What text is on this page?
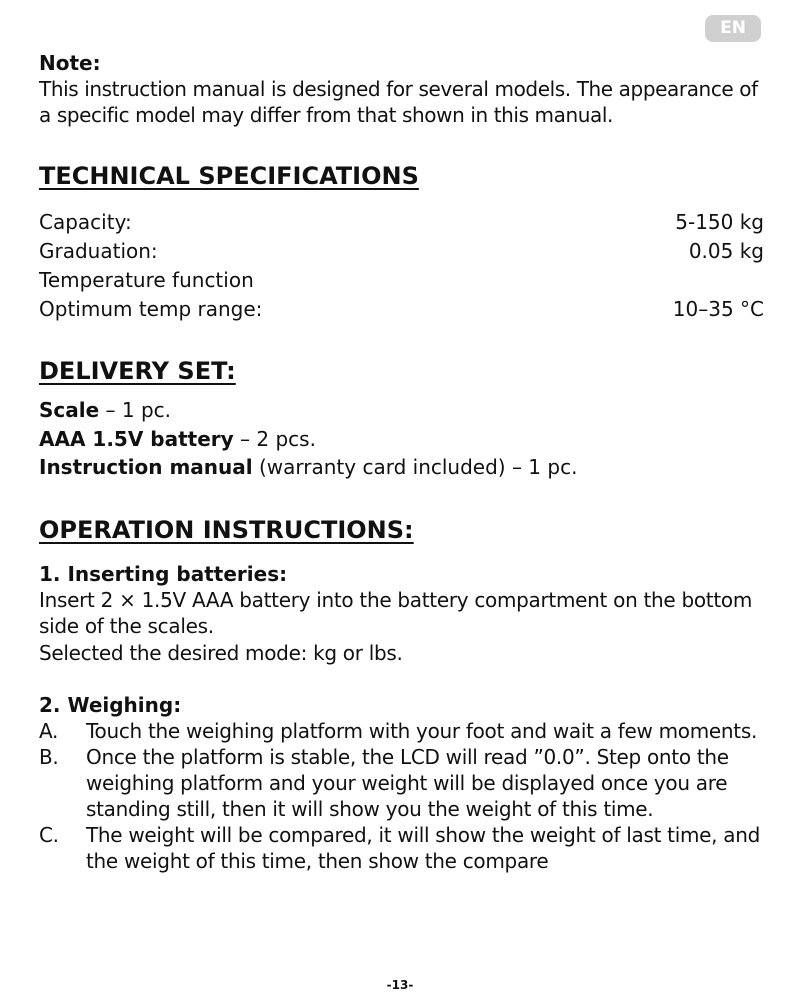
EN

Note:

This instruction manual is designed for several models. The appearance of a specific model may differ from that shown in this manual.

TECHNICAL SPECIFICATIONS
Capacity:	5-150 kg
Graduation:	0.05 kg
Temperature function
Optimum temp range:	10–35 °C
DELIVERY SET:
Scale – 1 pc.
AAA 1.5V battery – 2 pcs.
Instruction manual (warranty card included) – 1 pc.
OPERATION INSTRUCTIONS:

1. Inserting batteries:

Insert 2 × 1.5V AAA battery into the battery compartment on the bottom side of the scales.

Selected the desired mode: kg or lbs.

2. Weighing:

A.	Touch the weighing platform with your foot and wait a few moments.
B.	Once the platform is stable, the LCD will read ”0.0”. Step onto the weighing platform and your weight will be displayed once you are standing still, then it will show you the weight of this time.
C.	The weight will be compared, it will show the weight of last time, and the weight of this time, then show the compare
-13-
